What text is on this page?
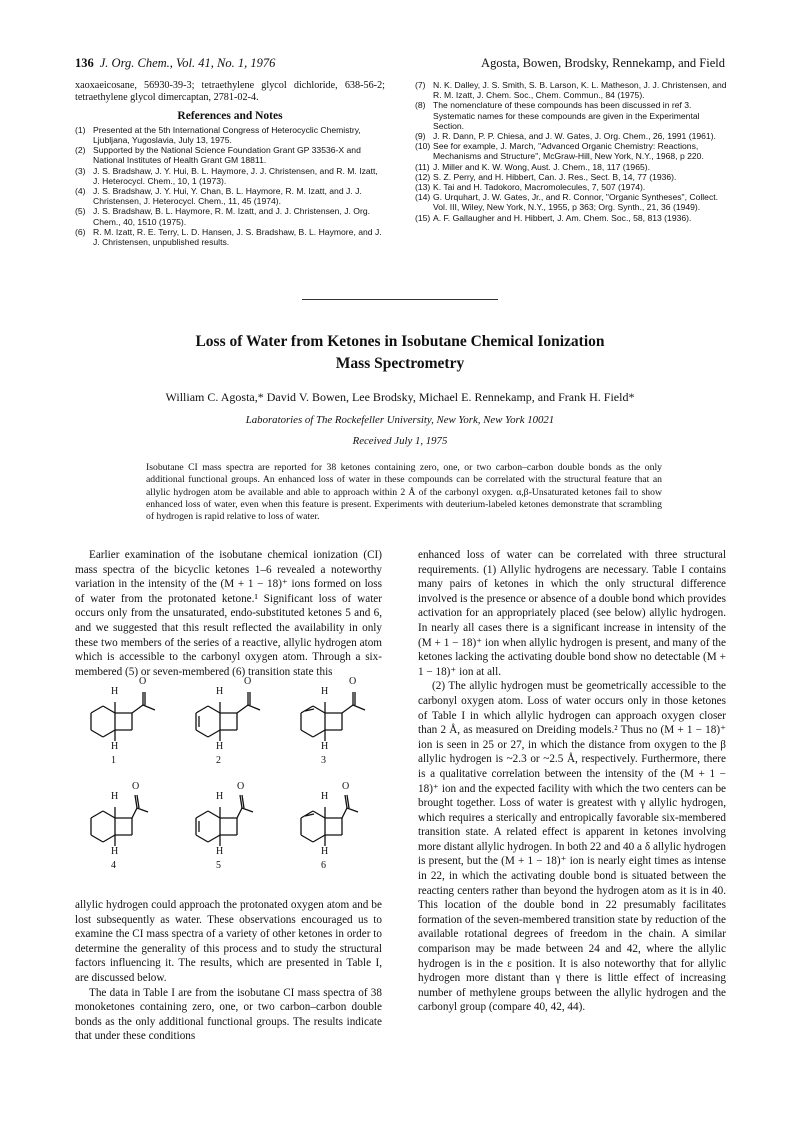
136 J. Org. Chem., Vol. 41, No. 1, 1976	Agosta, Bowen, Brodsky, Rennekamp, and Field
xaoxaeicosane, 56930-39-3; tetraethylene glycol dichloride, 638-56-2; tetraethylene glycol dimercaptan, 2781-02-4.
References and Notes
(1) Presented at the 5th International Congress of Heterocyclic Chemistry, Ljubljana, Yugoslavia, July 13, 1975.
(2) Supported by the National Science Foundation Grant GP 33536-X and National Institutes of Health Grant GM 18811.
(3) J. S. Bradshaw, J. Y. Hui, B. L. Haymore, J. J. Christensen, and R. M. Izatt, J. Heterocycl. Chem., 10, 1 (1973).
(4) J. S. Bradshaw, J. Y. Hui, Y. Chan, B. L. Haymore, R. M. Izatt, and J. J. Christensen, J. Heterocycl. Chem., 11, 45 (1974).
(5) J. S. Bradshaw, B. L. Haymore, R. M. Izatt, and J. J. Christensen, J. Org. Chem., 40, 1510 (1975).
(6) R. M. Izatt, R. E. Terry, L. D. Hansen, J. S. Bradshaw, B. L. Haymore, and J. J. Christensen, unpublished results.
(7) N. K. Dalley, J. S. Smith, S. B. Larson, K. L. Matheson, J. J. Christensen, and R. M. Izatt, J. Chem. Soc., Chem. Commun., 84 (1975).
(8) The nomenclature of these compounds has been discussed in ref 3. Systematic names for these compounds are given in the Experimental Section.
(9) J. R. Dann, P. P. Chiesa, and J. W. Gates, J. Org. Chem., 26, 1991 (1961).
(10) See for example, J. March, "Advanced Organic Chemistry: Reactions, Mechanisms and Structure", McGraw-Hill, New York, N.Y., 1968, p 220.
(11) J. Miller and K. W. Wong, Aust. J. Chem., 18, 117 (1965).
(12) S. Z. Perry, and H. Hibbert, Can. J. Res., Sect. B, 14, 77 (1936).
(13) K. Tai and H. Tadokoro, Macromolecules, 7, 507 (1974).
(14) G. Urquhart, J. W. Gates, Jr., and R. Connor, "Organic Syntheses", Collect. Vol. III, Wiley, New York, N.Y., 1955, p 363; Org. Synth., 21, 36 (1949).
(15) A. F. Gallaugher and H. Hibbert, J. Am. Chem. Soc., 58, 813 (1936).
Loss of Water from Ketones in Isobutane Chemical Ionization
Mass Spectrometry
William C. Agosta,* David V. Bowen, Lee Brodsky, Michael E. Rennekamp, and Frank H. Field*
Laboratories of The Rockefeller University, New York, New York 10021
Received July 1, 1975
Isobutane CI mass spectra are reported for 38 ketones containing zero, one, or two carbon–carbon double bonds as the only additional functional groups. An enhanced loss of water in these compounds can be correlated with the structural feature that an allylic hydrogen atom be available and able to approach within 2 Å of the carbonyl oxygen. α,β-Unsaturated ketones fail to show enhanced loss of water, even when this feature is present. Experiments with deuterium-labeled ketones demonstrate that scrambling of hydrogen is rapid relative to loss of water.

Earlier examination of the isobutane chemical ionization (CI) mass spectra of the bicyclic ketones 1–6 revealed a noteworthy variation in the intensity of the (M + 1 − 18)⁺ ions formed on loss of water from the protonated ketone.¹ Significant loss of water occurs only from the unsaturated, endo-substituted ketones 5 and 6, and we suggested that this result reflected the availability in only these two members of the series of a reactive, allylic hydrogen atom which is accessible to the carbonyl oxygen atom. Through a six-membered (5) or seven-membered (6) transition state this

H
O
H
1
H
O
H
2
H
O
H
3
H
O
H
4
H
O
H
5
H
O
H
6

allylic hydrogen could approach the protonated oxygen atom and be lost subsequently as water. These observations encouraged us to examine the CI mass spectra of a variety of other ketones in order to determine the generality of this process and to study the structural factors influencing it. The results, which are presented in Table I, are discussed below.

The data in Table I are from the isobutane CI mass spectra of 38 monoketones containing zero, one, or two carbon–carbon double bonds as the only additional functional groups. The results indicate that under these conditions

enhanced loss of water can be correlated with three structural requirements. (1) Allylic hydrogens are necessary. Table I contains many pairs of ketones in which the only structural difference involved is the presence or absence of a double bond which provides activation for an appropriately placed (see below) allylic hydrogen. In nearly all cases there is a significant increase in intensity of the (M + 1 − 18)⁺ ion when allylic hydrogen is present, and many of the ketones lacking the activating double bond show no detectable (M + 1 − 18)⁺ ion at all.

(2) The allylic hydrogen must be geometrically accessible to the carbonyl oxygen atom. Loss of water occurs only in those ketones of Table I in which allylic hydrogen can approach oxygen closer than 2 Å, as measured on Dreiding models.² Thus no (M + 1 − 18)⁺ ion is seen in 25 or 27, in which the distance from oxygen to the β allylic hydrogen is ~2.3 or ~2.5 Å, respectively. Furthermore, there is a qualitative correlation between the intensity of the (M + 1 − 18)⁺ ion and the expected facility with which the two centers can be brought together. Loss of water is greatest with γ allylic hydrogen, which requires a sterically and entropically favorable six-membered transition state. A related effect is apparent in ketones involving more distant allylic hydrogen. In both 22 and 40 a δ allylic hydrogen is present, but the (M + 1 − 18)⁺ ion is nearly eight times as intense in 22, in which the activating double bond is situated between the reacting centers rather than beyond the hydrogen atom as it is in 40. This location of the double bond in 22 presumably facilitates formation of the seven-membered transition state by reduction of the available rotational degrees of freedom in the chain. A similar comparison may be made between 24 and 42, where the allylic hydrogen is in the ε position. It is also noteworthy that for allylic hydrogen more distant than γ there is little effect of increasing number of methylene groups between the allylic hydrogen and the carbonyl group (compare 40, 42, 44).
